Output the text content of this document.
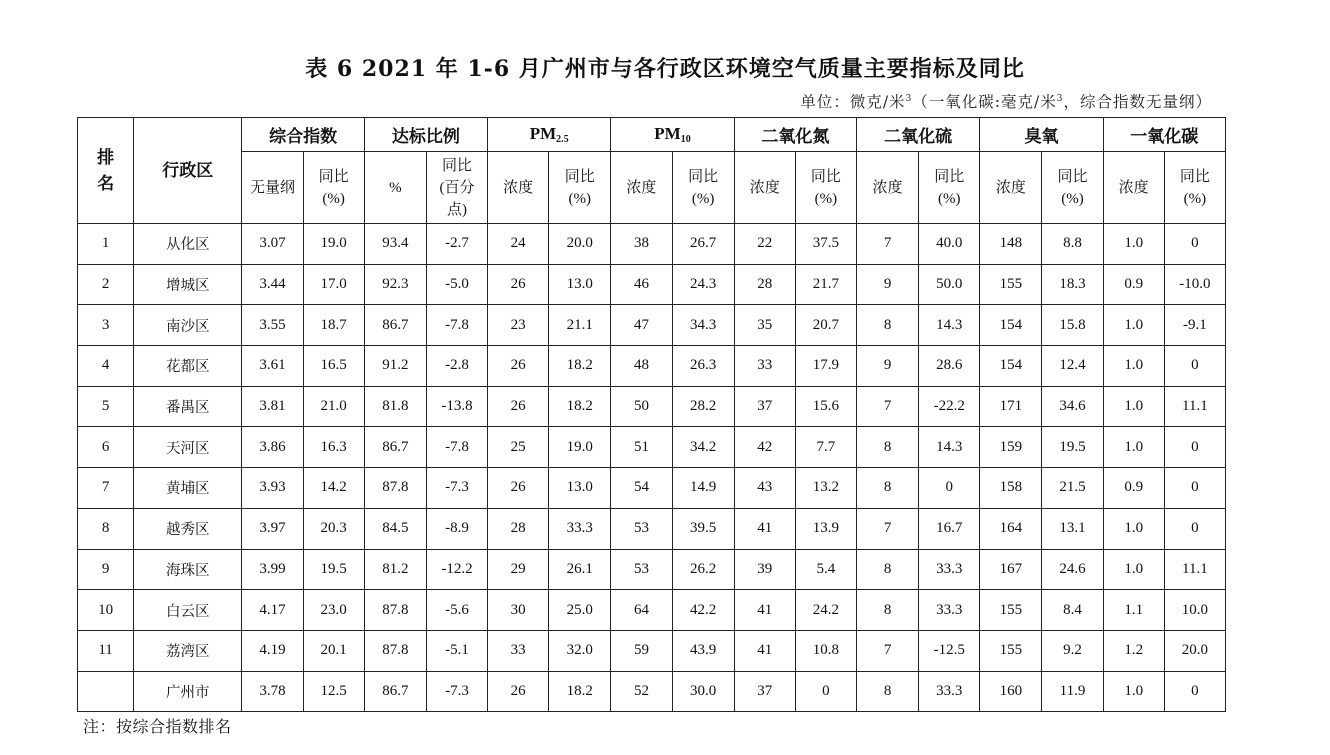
表 6 2021 年 1-6 月广州市与各行政区环境空气质量主要指标及同比
单位：微克/米$^3$（一氧化碳:毫克/米$^3$，综合指数无量纲）
排名	行政区	综合指数		达标比例		$PM_{2.5}$		$PM_{10}$		二氧化氮		二氧化硫		臭氧		一氧化碳	
		无量纲	同比(%)	%	同比(百分点)	浓度	同比(%)	浓度	同比(%)	浓度	同比(%)	浓度	同比(%)	浓度	同比(%)	浓度	同比(%)
1	从化区	3.07	19.0	93.4	-2.7	24	20.0	38	26.7	22	37.5	7	40.0	148	8.8	1.0	0
2	增城区	3.44	17.0	92.3	-5.0	26	13.0	46	24.3	28	21.7	9	50.0	155	18.3	0.9	-10.0
3	南沙区	3.55	18.7	86.7	-7.8	23	21.1	47	34.3	35	20.7	8	14.3	154	15.8	1.0	-9.1
4	花都区	3.61	16.5	91.2	-2.8	26	18.2	48	26.3	33	17.9	9	28.6	154	12.4	1.0	0
5	番禺区	3.81	21.0	81.8	-13.8	26	18.2	50	28.2	37	15.6	7	-22.2	171	34.6	1.0	11.1
6	天河区	3.86	16.3	86.7	-7.8	25	19.0	51	34.2	42	7.7	8	14.3	159	19.5	1.0	0
7	黄埔区	3.93	14.2	87.8	-7.3	26	13.0	54	14.9	43	13.2	8	0	158	21.5	0.9	0
8	越秀区	3.97	20.3	84.5	-8.9	28	33.3	53	39.5	41	13.9	7	16.7	164	13.1	1.0	0
9	海珠区	3.99	19.5	81.2	-12.2	29	26.1	53	26.2	39	5.4	8	33.3	167	24.6	1.0	11.1
10	白云区	4.17	23.0	87.8	-5.6	30	25.0	64	42.2	41	24.2	8	33.3	155	8.4	1.1	10.0
11	荔湾区	4.19	20.1	87.8	-5.1	33	32.0	59	43.9	41	10.8	7	-12.5	155	9.2	1.2	20.0
	广州市	3.78	12.5	86.7	-7.3	26	18.2	52	30.0	37	0	8	33.3	160	11.9	1.0	0
注：按综合指数排名
